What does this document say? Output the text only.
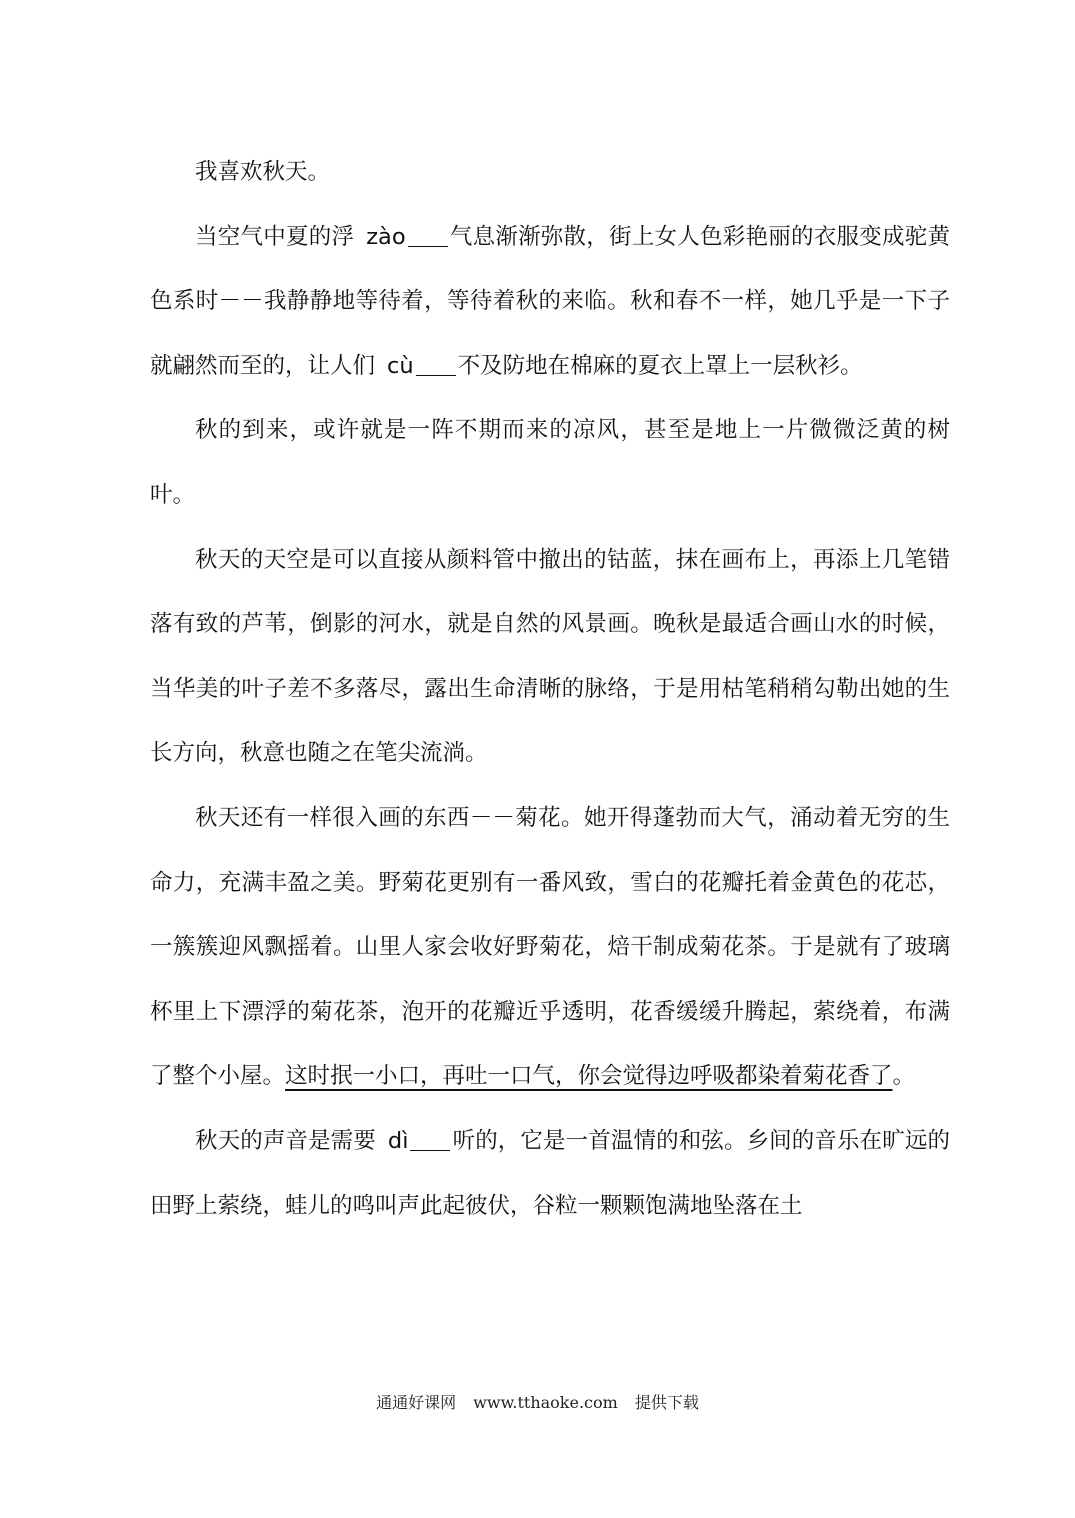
我喜欢秋天。

当空气中夏的浮 zào 气息渐渐弥散，街上女人色彩艳丽的衣服变成驼黄色系时－－我静静地等待着，等待着秋的来临。秋和春不一样，她几乎是一下子就翩然而至的，让人们 cù 不及防地在棉麻的夏衣上罩上一层秋衫。

秋的到来，或许就是一阵不期而来的凉风，甚至是地上一片微微泛黄的树叶。

秋天的天空是可以直接从颜料管中撤出的钴蓝，抹在画布上，再添上几笔错落有致的芦苇，倒影的河水，就是自然的风景画。晚秋是最适合画山水的时候，当华美的叶子差不多落尽，露出生命清晰的脉络，于是用枯笔稍稍勾勒出她的生长方向，秋意也随之在笔尖流淌。

秋天还有一样很入画的东西－－菊花。她开得蓬勃而大气，涌动着无穷的生命力，充满丰盈之美。野菊花更别有一番风致，雪白的花瓣托着金黄色的花芯，一簇簇迎风飘摇着。山里人家会收好野菊花，焙干制成菊花茶。于是就有了玻璃杯里上下漂浮的菊花茶，泡开的花瓣近乎透明，花香缓缓升腾起，萦绕着，布满了整个小屋。这时抿一小口，再吐一口气，你会觉得边呼吸都染着菊花香了。

秋天的声音是需要 dì 听的，它是一首温情的和弦。乡间的音乐在旷远的田野上萦绕，蛙儿的鸣叫声此起彼伏，谷粒一颗颗饱满地坠落在土

通通好课网 www.tthaoke.com 提供下载
